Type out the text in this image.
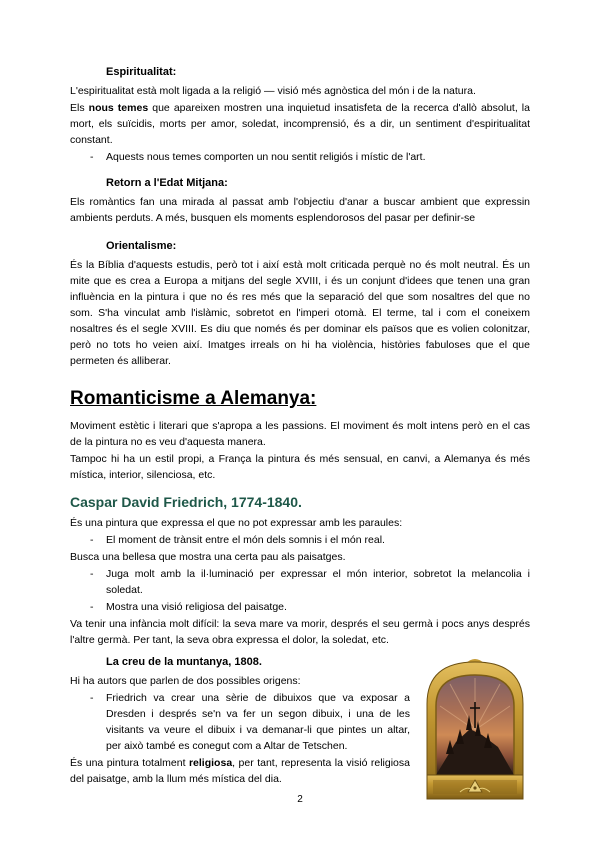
Espiritualitat:

L'espiritualitat està molt ligada a la religió — visió més agnòstica del món i de la natura.

Els nous temes que apareixen mostren una inquietud insatisfeta de la recerca d'allò absolut, la mort, els suïcidis, morts per amor, soledat, incomprensió, és a dir, un sentiment d'espiritualitat constant.

- Aquests nous temes comporten un nou sentit religiós i místic de l'art.
Retorn a l'Edat Mitjana:

Els romàntics fan una mirada al passat amb l'objectiu d'anar a buscar ambient que expressin ambients perduts. A més, busquen els moments esplendorosos del pasar per definir-se

Orientalisme:

És la Bíblia d'aquests estudis, però tot i així està molt criticada perquè no és molt neutral. És un mite que es crea a Europa a mitjans del segle XVIII, i és un conjunt d'idees que tenen una gran influència en la pintura i que no és res més que la separació del que som nosaltres del que no som. S'ha vinculat amb l'islàmic, sobretot en l'imperi otomà. El terme, tal i com el coneixem nosaltres és el segle XVIII. Es diu que només és per dominar els països que es volien colonitzar, però no tots ho veien així. Imatges irreals on hi ha violència, històries fabuloses que el que permeten és alliberar.

Romanticisme a Alemanya:

Moviment estètic i literari que s'apropa a les passions. El moviment és molt intens però en el cas de la pintura no es veu d'aquesta manera.

Tampoc hi ha un estil propi, a França la pintura és més sensual, en canvi, a Alemanya és més mística, interior, silenciosa, etc.

Caspar David Friedrich, 1774-1840.

És una pintura que expressa el que no pot expressar amb les paraules:

- El moment de trànsit entre el món dels somnis i el món real.

Busca una bellesa que mostra una certa pau als paisatges.

- Juga molt amb la il·luminació per expressar el món interior, sobretot la melancolia i soledat.
- Mostra una visió religiosa del paisatge.

Va tenir una infància molt difícil: la seva mare va morir, després el seu germà i pocs anys després l'altre germà. Per tant, la seva obra expressa el dolor, la soledat, etc.

La creu de la muntanya, 1808.

Hi ha autors que parlen de dos possibles origens:

- Friedrich va crear una sèrie de dibuixos que va exposar a Dresden i després se'n va fer un segon dibuix, i una de les visitants va veure el dibuix i va demanar-li que pintes un altar, per això també es conegut com a Altar de Tetschen.

És una pintura totalment religiosa, per tant, representa la visió religiosa del paisatge, amb la llum més mística del dia.

2
